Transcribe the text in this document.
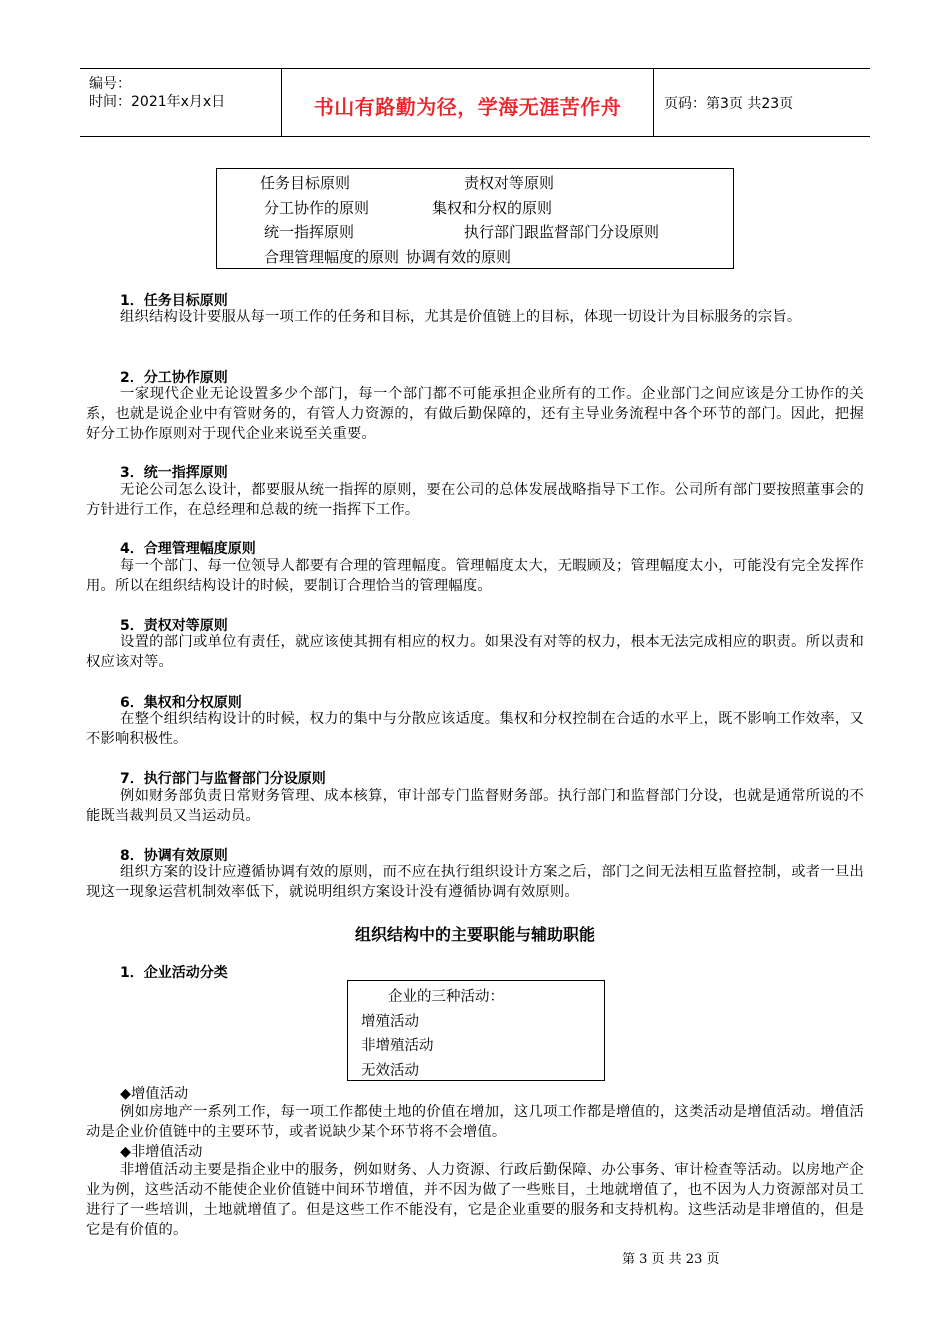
编号：
时间：2021年x月x日	书山有路勤为径，学海无涯苦作舟	页码：第3页 共23页
任务目标原则	责权对等原则
分工协作的原则	集权和分权的原则
统一指挥原则	执行部门跟监督部门分设原则
合理管理幅度的原则 协调有效的原则
1．任务目标原则
组织结构设计要服从每一项工作的任务和目标，尤其是价值链上的目标，体现一切设计为目标服务的宗旨。
2．分工协作原则
一家现代企业无论设置多少个部门，每一个部门都不可能承担企业所有的工作。企业部门之间应该是分工协作的关系，也就是说企业中有管财务的，有管人力资源的，有做后勤保障的，还有主导业务流程中各个环节的部门。因此，把握好分工协作原则对于现代企业来说至关重要。
3．统一指挥原则
无论公司怎么设计，都要服从统一指挥的原则，要在公司的总体发展战略指导下工作。公司所有部门要按照董事会的方针进行工作，在总经理和总裁的统一指挥下工作。
4．合理管理幅度原则
每一个部门、每一位领导人都要有合理的管理幅度。管理幅度太大，无暇顾及；管理幅度太小，可能没有完全发挥作用。所以在组织结构设计的时候，要制订合理恰当的管理幅度。
5．责权对等原则
设置的部门或单位有责任，就应该使其拥有相应的权力。如果没有对等的权力，根本无法完成相应的职责。所以责和权应该对等。
6．集权和分权原则
在整个组织结构设计的时候，权力的集中与分散应该适度。集权和分权控制在合适的水平上，既不影响工作效率，又不影响积极性。
7．执行部门与监督部门分设原则
例如财务部负责日常财务管理、成本核算，审计部专门监督财务部。执行部门和监督部门分设，也就是通常所说的不能既当裁判员又当运动员。
8．协调有效原则
组织方案的设计应遵循协调有效的原则，而不应在执行组织设计方案之后，部门之间无法相互监督控制，或者一旦出现这一现象运营机制效率低下，就说明组织方案设计没有遵循协调有效原则。
组织结构中的主要职能与辅助职能
1．企业活动分类
企业的三种活动：
增殖活动
非增殖活动
无效活动
◆增值活动
例如房地产一系列工作，每一项工作都使土地的价值在增加，这几项工作都是增值的，这类活动是增值活动。增值活动是企业价值链中的主要环节，或者说缺少某个环节将不会增值。
◆非增值活动
非增值活动主要是指企业中的服务，例如财务、人力资源、行政后勤保障、办公事务、审计检查等活动。以房地产企业为例，这些活动不能使企业价值链中间环节增值，并不因为做了一些账目，土地就增值了，也不因为人力资源部对员工进行了一些培训，土地就增值了。但是这些工作不能没有，它是企业重要的服务和支持机构。这些活动是非增值的，但是它是有价值的。
第 3 页 共 23 页
